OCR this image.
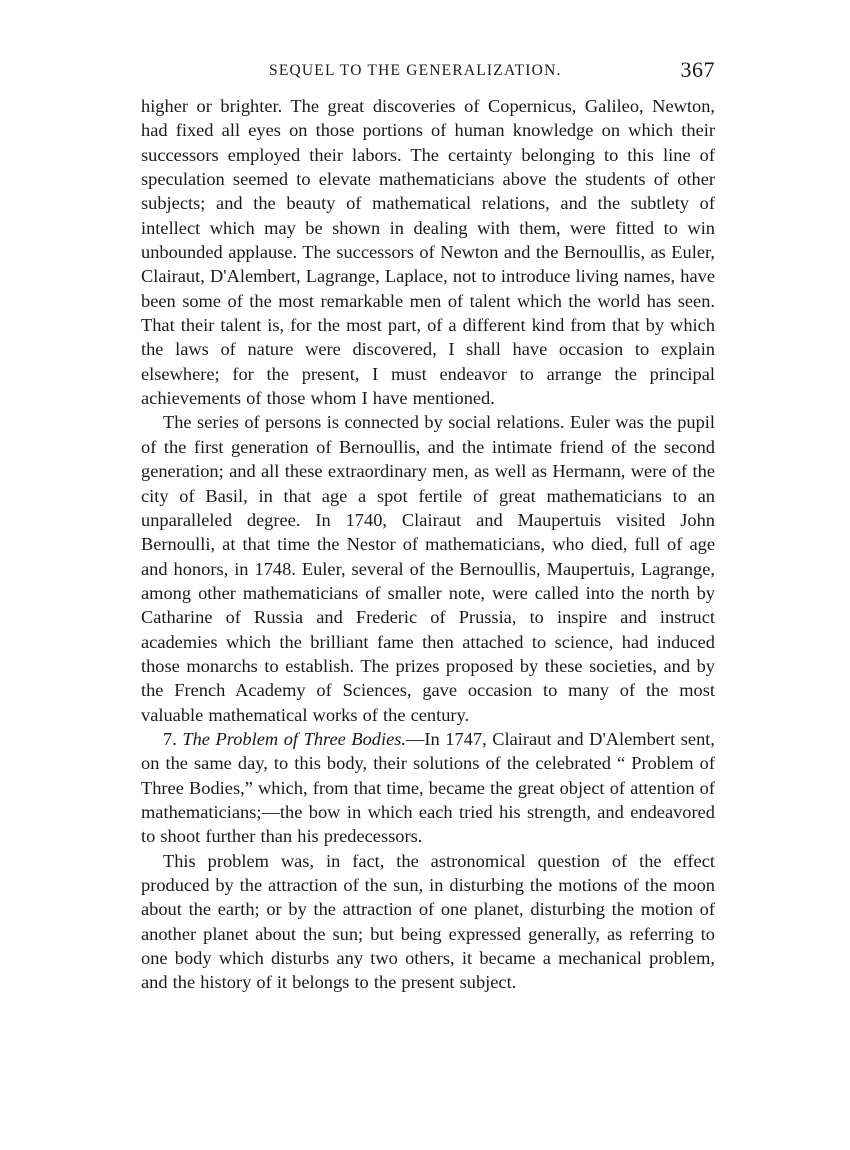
SEQUEL TO THE GENERALIZATION.	367

higher or brighter. The great discoveries of Copernicus, Galileo, Newton, had fixed all eyes on those portions of human knowledge on which their successors employed their labors. The certainty belonging to this line of speculation seemed to elevate mathematicians above the students of other subjects; and the beauty of mathematical relations, and the subtlety of intellect which may be shown in dealing with them, were fitted to win unbounded applause. The successors of Newton and the Bernoullis, as Euler, Clairaut, D'Alembert, Lagrange, Laplace, not to introduce living names, have been some of the most remarkable men of talent which the world has seen. That their talent is, for the most part, of a different kind from that by which the laws of nature were discovered, I shall have occasion to explain elsewhere; for the present, I must endeavor to arrange the principal achievements of those whom I have mentioned.

The series of persons is connected by social relations. Euler was the pupil of the first generation of Bernoullis, and the intimate friend of the second generation; and all these extraordinary men, as well as Hermann, were of the city of Basil, in that age a spot fertile of great mathematicians to an unparalleled degree. In 1740, Clairaut and Maupertuis visited John Bernoulli, at that time the Nestor of mathematicians, who died, full of age and honors, in 1748. Euler, several of the Bernoullis, Maupertuis, Lagrange, among other mathematicians of smaller note, were called into the north by Catharine of Russia and Frederic of Prussia, to inspire and instruct academies which the brilliant fame then attached to science, had induced those monarchs to establish. The prizes proposed by these societies, and by the French Academy of Sciences, gave occasion to many of the most valuable mathematical works of the century.

7. The Problem of Three Bodies.—In 1747, Clairaut and D'Alembert sent, on the same day, to this body, their solutions of the celebrated “ Problem of Three Bodies,” which, from that time, became the great object of attention of mathematicians;—the bow in which each tried his strength, and endeavored to shoot further than his predecessors.

This problem was, in fact, the astronomical question of the effect produced by the attraction of the sun, in disturbing the motions of the moon about the earth; or by the attraction of one planet, disturbing the motion of another planet about the sun; but being expressed generally, as referring to one body which disturbs any two others, it became a mechanical problem, and the history of it belongs to the present subject.
